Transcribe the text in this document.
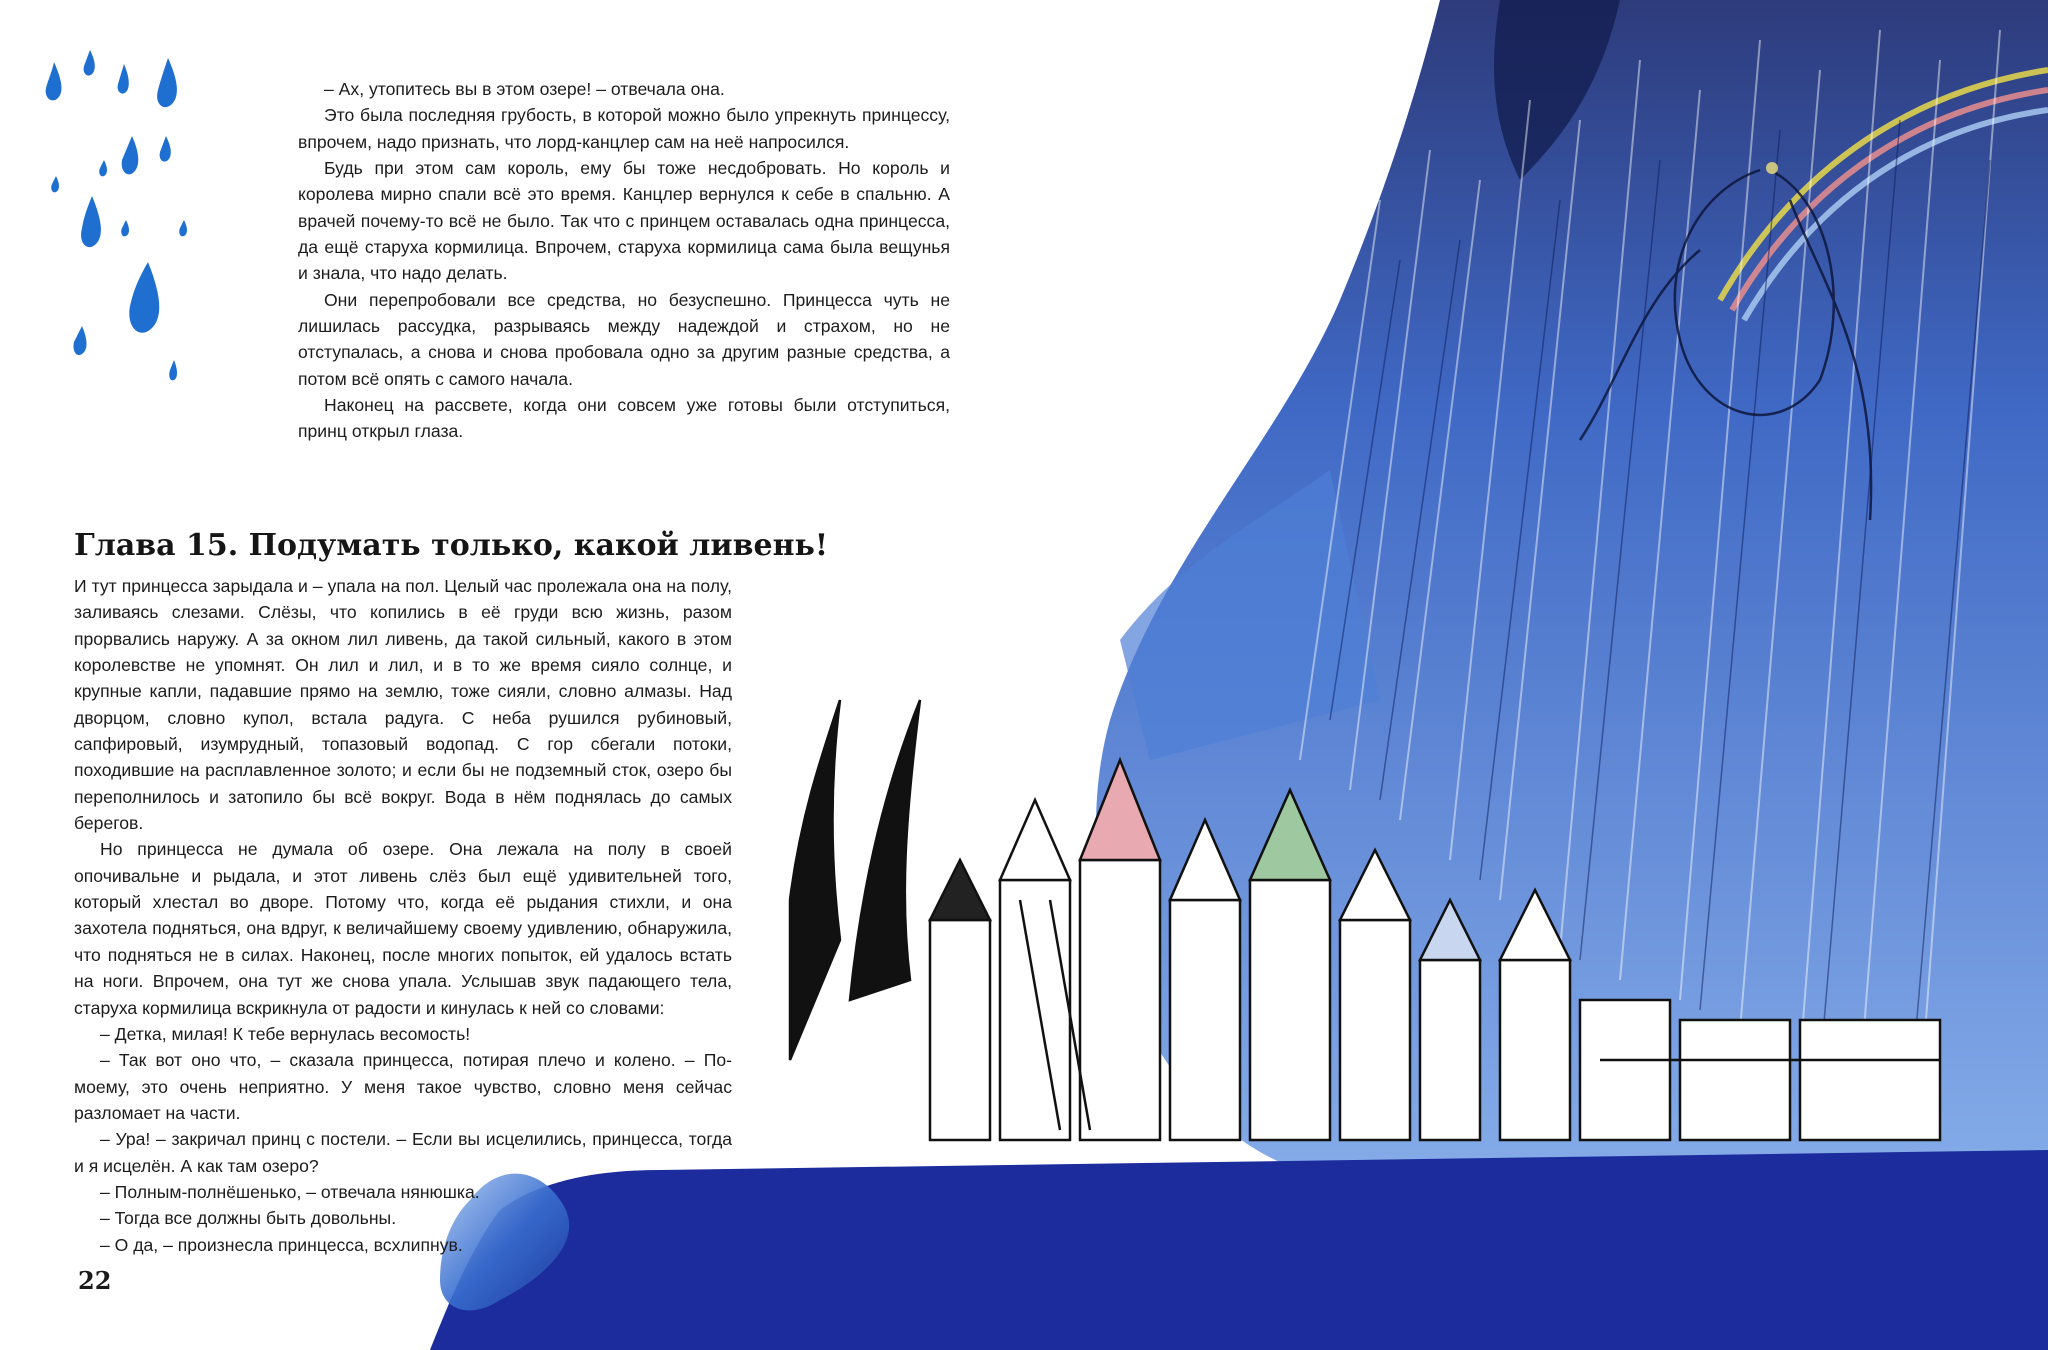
– Ах, утопитесь вы в этом озере! – отвечала она.

Это была последняя грубость, в которой можно было упрекнуть принцессу, впрочем, надо признать, что лорд-канцлер сам на неё напросился.

Будь при этом сам король, ему бы тоже несдобровать. Но король и королева мирно спали всё это время. Канцлер вернулся к себе в спальню. А врачей почему-то всё не было. Так что с принцем оставалась одна принцесса, да ещё старуха кормилица. Впрочем, старуха кормилица сама была вещунья и знала, что надо делать.

Они перепробовали все средства, но безуспешно. Принцесса чуть не лишилась рассудка, разрываясь между надеждой и страхом, но не отступалась, а снова и снова пробовала одно за другим разные средства, а потом всё опять с самого начала.

Наконец на рассвете, когда они совсем уже готовы были отступиться, принц открыл глаза.

Глава 15. Подумать только, какой ливень!

И тут принцесса зарыдала и – упала на пол. Целый час пролежала она на полу, заливаясь слезами. Слёзы, что копились в её груди всю жизнь, разом прорвались наружу. А за окном лил ливень, да такой сильный, какого в этом королевстве не упомнят. Он лил и лил, и в то же время сияло солнце, и крупные капли, падавшие прямо на землю, тоже сияли, словно алмазы. Над дворцом, словно купол, встала радуга. С неба рушился рубиновый, сапфировый, изумрудный, топазовый водопад. С гор сбегали потоки, походившие на расплавленное золото; и если бы не подземный сток, озеро бы переполнилось и затопило бы всё вокруг. Вода в нём поднялась до самых берегов.

Но принцесса не думала об озере. Она лежала на полу в своей опочивальне и рыдала, и этот ливень слёз был ещё удивительней того, который хлестал во дворе. Потому что, когда её рыдания стихли, и она захотела подняться, она вдруг, к величайшему своему удивлению, обнаружила, что подняться не в силах. Наконец, после многих попыток, ей удалось встать на ноги. Впрочем, она тут же снова упала. Услышав звук падающего тела, старуха кормилица вскрикнула от радости и кинулась к ней со словами:

– Детка, милая! К тебе вернулась весомость!

– Так вот оно что, – сказала принцесса, потирая плечо и колено. – По-моему, это очень неприятно. У меня такое чувство, словно меня сейчас разломает на части.

– Ура! – закричал принц с постели. – Если вы исцелились, принцесса, тогда и я исцелён. А как там озеро?

– Полным-полнёшенько, – отвечала нянюшка.

– Тогда все должны быть довольны.

– О да, – произнесла принцесса, всхлипнув.

22
